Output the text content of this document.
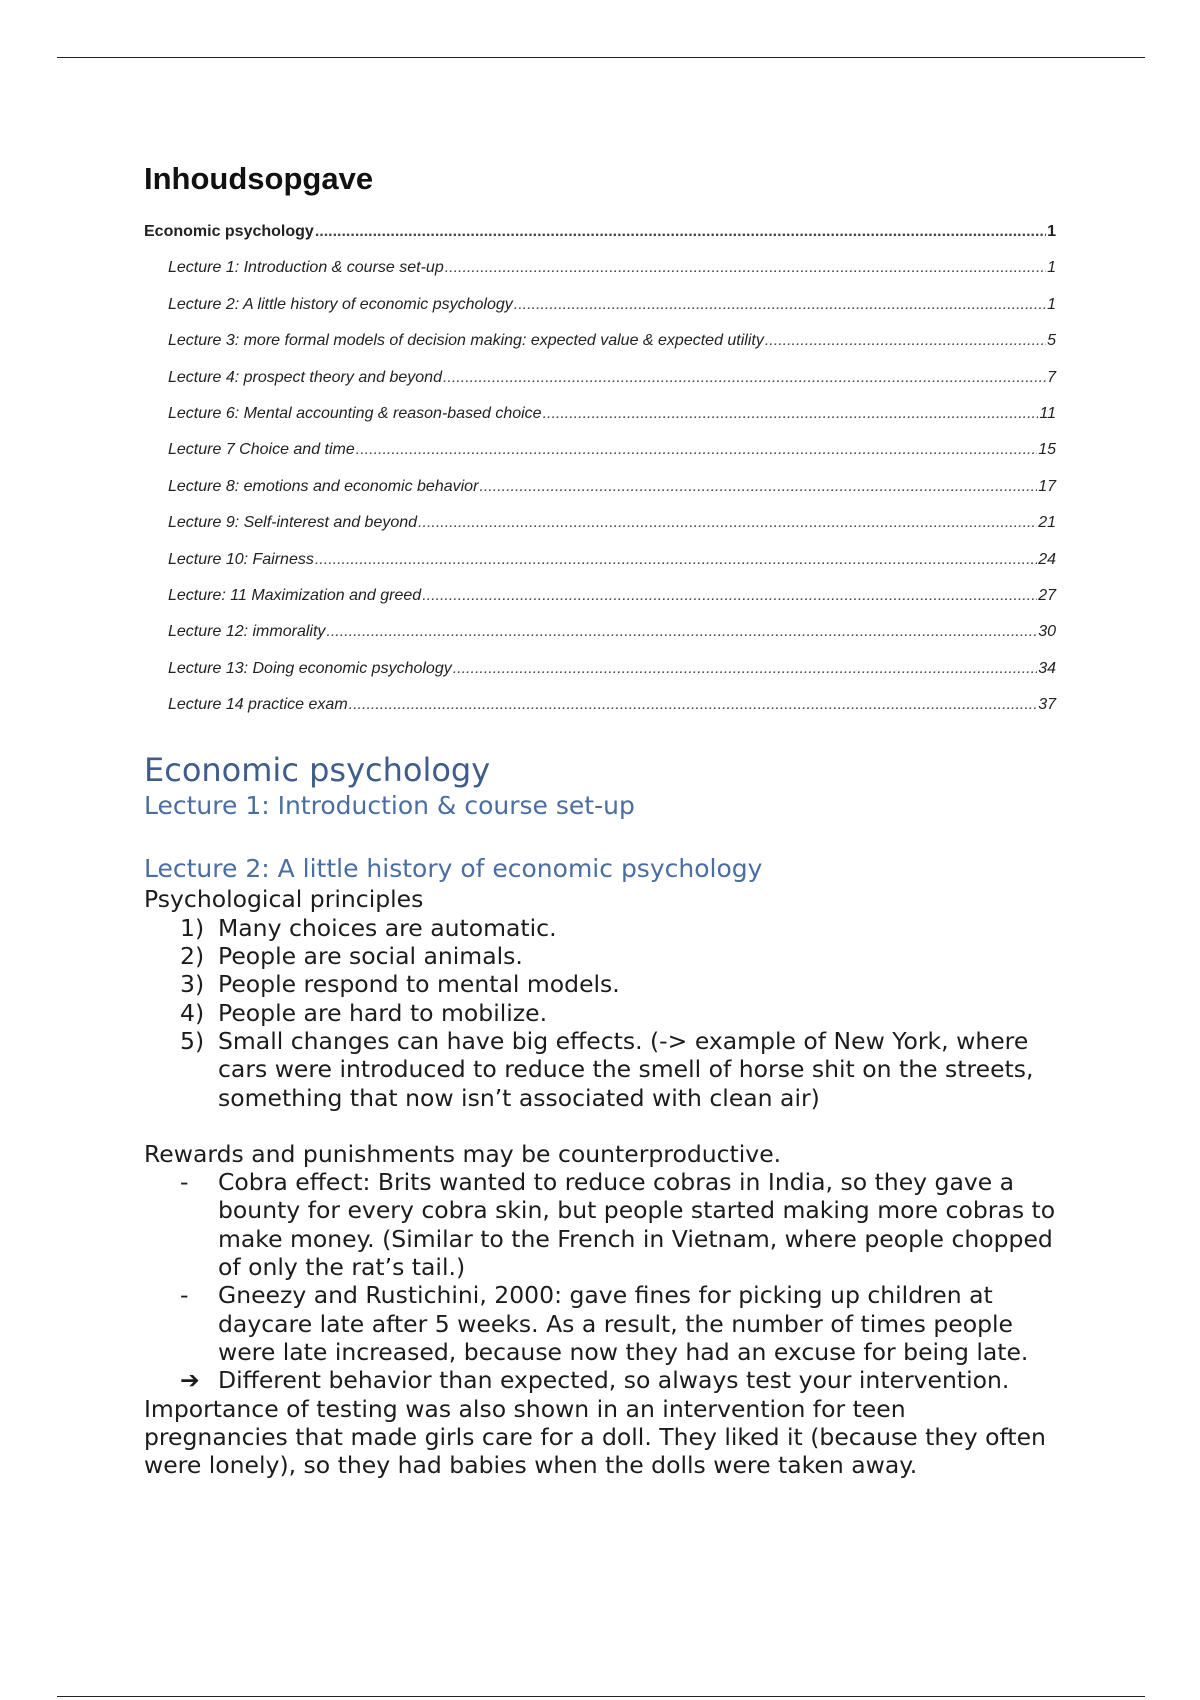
Inhoudsopgave
Economic psychology .....	1
Lecture 1: Introduction & course set-up .....	1
Lecture 2: A little history of economic psychology .....	1
Lecture 3: more formal models of decision making: expected value & expected utility .....	5
Lecture 4: prospect theory and beyond .....	7
Lecture 6: Mental accounting & reason-based choice .....	11
Lecture 7 Choice and time .....	15
Lecture 8: emotions and economic behavior .....	17
Lecture 9: Self-interest and beyond .....	21
Lecture 10: Fairness .....	24
Lecture: 11 Maximization and greed .....	27
Lecture 12: immorality .....	30
Lecture 13: Doing economic psychology .....	34
Lecture 14 practice exam .....	37
Economic psychology
Lecture 1: Introduction & course set-up
Lecture 2: A little history of economic psychology

Psychological principles

1) Many choices are automatic.
2) People are social animals.
3) People respond to mental models.
4) People are hard to mobilize.
5) Small changes can have big effects. (-> example of New York, where cars were introduced to reduce the smell of horse shit on the streets, something that now isn’t associated with clean air)

Rewards and punishments may be counterproductive.

-	Cobra effect: Brits wanted to reduce cobras in India, so they gave a bounty for every cobra skin, but people started making more cobras to make money. (Similar to the French in Vietnam, where people chopped of only the rat’s tail.)
-	Gneezy and Rustichini, 2000: gave fines for picking up children at daycare late after 5 weeks. As a result, the number of times people were late increased, because now they had an excuse for being late.
➔ Different behavior than expected, so always test your intervention.

Importance of testing was also shown in an intervention for teen pregnancies that made girls care for a doll. They liked it (because they often were lonely), so they had babies when the dolls were taken away.
